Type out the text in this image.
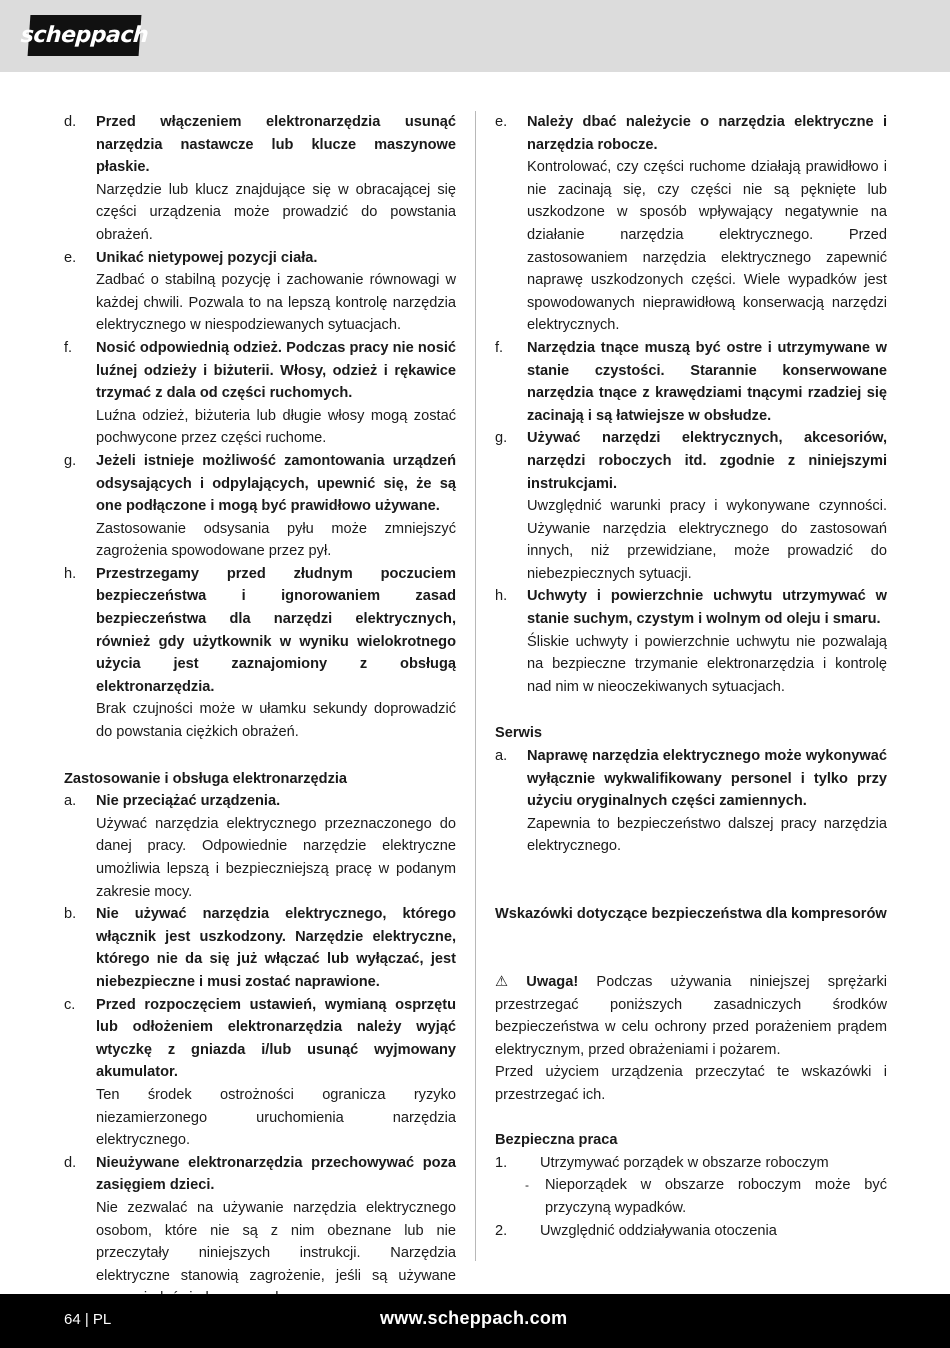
scheppach
d.	Przed włączeniem elektronarzędzia usunąć narzędzia nastawcze lub klucze maszynowe płaskie.
Narzędzie lub klucz znajdujące się w obracającej się części urządzenia może prowadzić do powstania obrażeń.
e.	Unikać nietypowej pozycji ciała.
Zadbać o stabilną pozycję i zachowanie równowagi w każdej chwili. Pozwala to na lepszą kontrolę narzędzia elektrycznego w niespodziewanych sytuacjach.
f.	Nosić odpowiednią odzież. Podczas pracy nie nosić luźnej odzieży i biżuterii. Włosy, odzież i rękawice trzymać z dala od części ruchomych.
Luźna odzież, biżuteria lub długie włosy mogą zostać pochwycone przez części ruchome.
g.	Jeżeli istnieje możliwość zamontowania urządzeń odsysających i odpylających, upewnić się, że są one podłączone i mogą być prawidłowo używane.
Zastosowanie odsysania pyłu może zmniejszyć zagrożenia spowodowane przez pył.
h.	Przestrzegamy przed złudnym poczuciem bezpieczeństwa i ignorowaniem zasad bezpieczeństwa dla narzędzi elektrycznych, również gdy użytkownik w wyniku wielokrotnego użycia jest zaznajomiony z obsługą elektronarzędzia.
Brak czujności może w ułamku sekundy doprowadzić do powstania ciężkich obrażeń.
Zastosowanie i obsługa elektronarzędzia
a.	Nie przeciążać urządzenia.
Używać narzędzia elektrycznego przeznaczonego do danej pracy. Odpowiednie narzędzie elektryczne umożliwia lepszą i bezpieczniejszą pracę w podanym zakresie mocy.
b.	Nie używać narzędzia elektrycznego, którego włącznik jest uszkodzony. Narzędzie elektryczne, którego nie da się już włączać lub wyłączać, jest niebezpieczne i musi zostać naprawione.
c.	Przed rozpoczęciem ustawień, wymianą osprzętu lub odłożeniem elektronarzędzia należy wyjąć wtyczkę z gniazda i/lub usunąć wyjmowany akumulator.
Ten środek ostrożności ogranicza ryzyko niezamierzonego uruchomienia narzędzia elektrycznego.
d.	Nieużywane elektronarzędzia przechowywać poza zasięgiem dzieci.
Nie zezwalać na używanie narzędzia elektrycznego osobom, które nie są z nim obeznane lub nie przeczytały niniejszych instrukcji. Narzędzia elektryczne stanowią zagrożenie, jeśli są używane
e.	Należy dbać należycie o narzędzia elektryczne i narzędzia robocze.
Kontrolować, czy części ruchome działają prawidłowo i nie zacinają się, czy części nie są pęknięte lub uszkodzone w sposób wpływający negatywnie na działanie narzędzia elektrycznego. Przed zastosowaniem narzędzia elektrycznego zapewnić naprawę uszkodzonych części. Wiele wypadków jest spowodowanych nieprawidłową konserwacją narzędzi elektrycznych.
f.	Narzędzia tnące muszą być ostre i utrzymywane w stanie czystości. Starannie konserwowane narzędzia tnące z krawędziami tnącymi rzadziej się zacinają i są łatwiejsze w obsłudze.
g.	Używać narzędzi elektrycznych, akcesoriów, narzędzi roboczych itd. zgodnie z niniejszymi instrukcjami.
Uwzględnić warunki pracy i wykonywane czynności. Używanie narzędzia elektrycznego do zastosowań innych, niż przewidziane, może prowadzić do niebezpiecznych sytuacji.
h.	Uchwyty i powierzchnie uchwytu utrzymywać w stanie suchym, czystym i wolnym od oleju i smaru.
Śliskie uchwyty i powierzchnie uchwytu nie pozwalają na bezpieczne trzymanie elektronarzędzia i kontrolę nad nim w nieoczekiwanych sytuacjach.
Serwis
a.	Naprawę narzędzia elektrycznego może wykonywać wyłącznie wykwalifikowany personel i tylko przy użyciu oryginalnych części zamiennych.
Zapewnia to bezpieczeństwo dalszej pracy narzędzia elektrycznego.
Wskazówki dotyczące bezpieczeństwa dla kompresorów
⚠ Uwaga! Podczas używania niniejszej sprężarki przestrzegać poniższych zasadniczych środków bezpieczeństwa w celu ochrony przed porażeniem prądem elektrycznym, przed obrażeniami i pożarem.
Przed użyciem urządzenia przeczytać te wskazówki i przestrzegać ich.
Bezpieczna praca
1.	Utrzymywać porządek w obszarze roboczym
-	Nieporządek w obszarze roboczym może być przyczyną wypadków.
2.	Uwzględnić oddziaływania otoczenia
64 | PL	www.scheppach.com
